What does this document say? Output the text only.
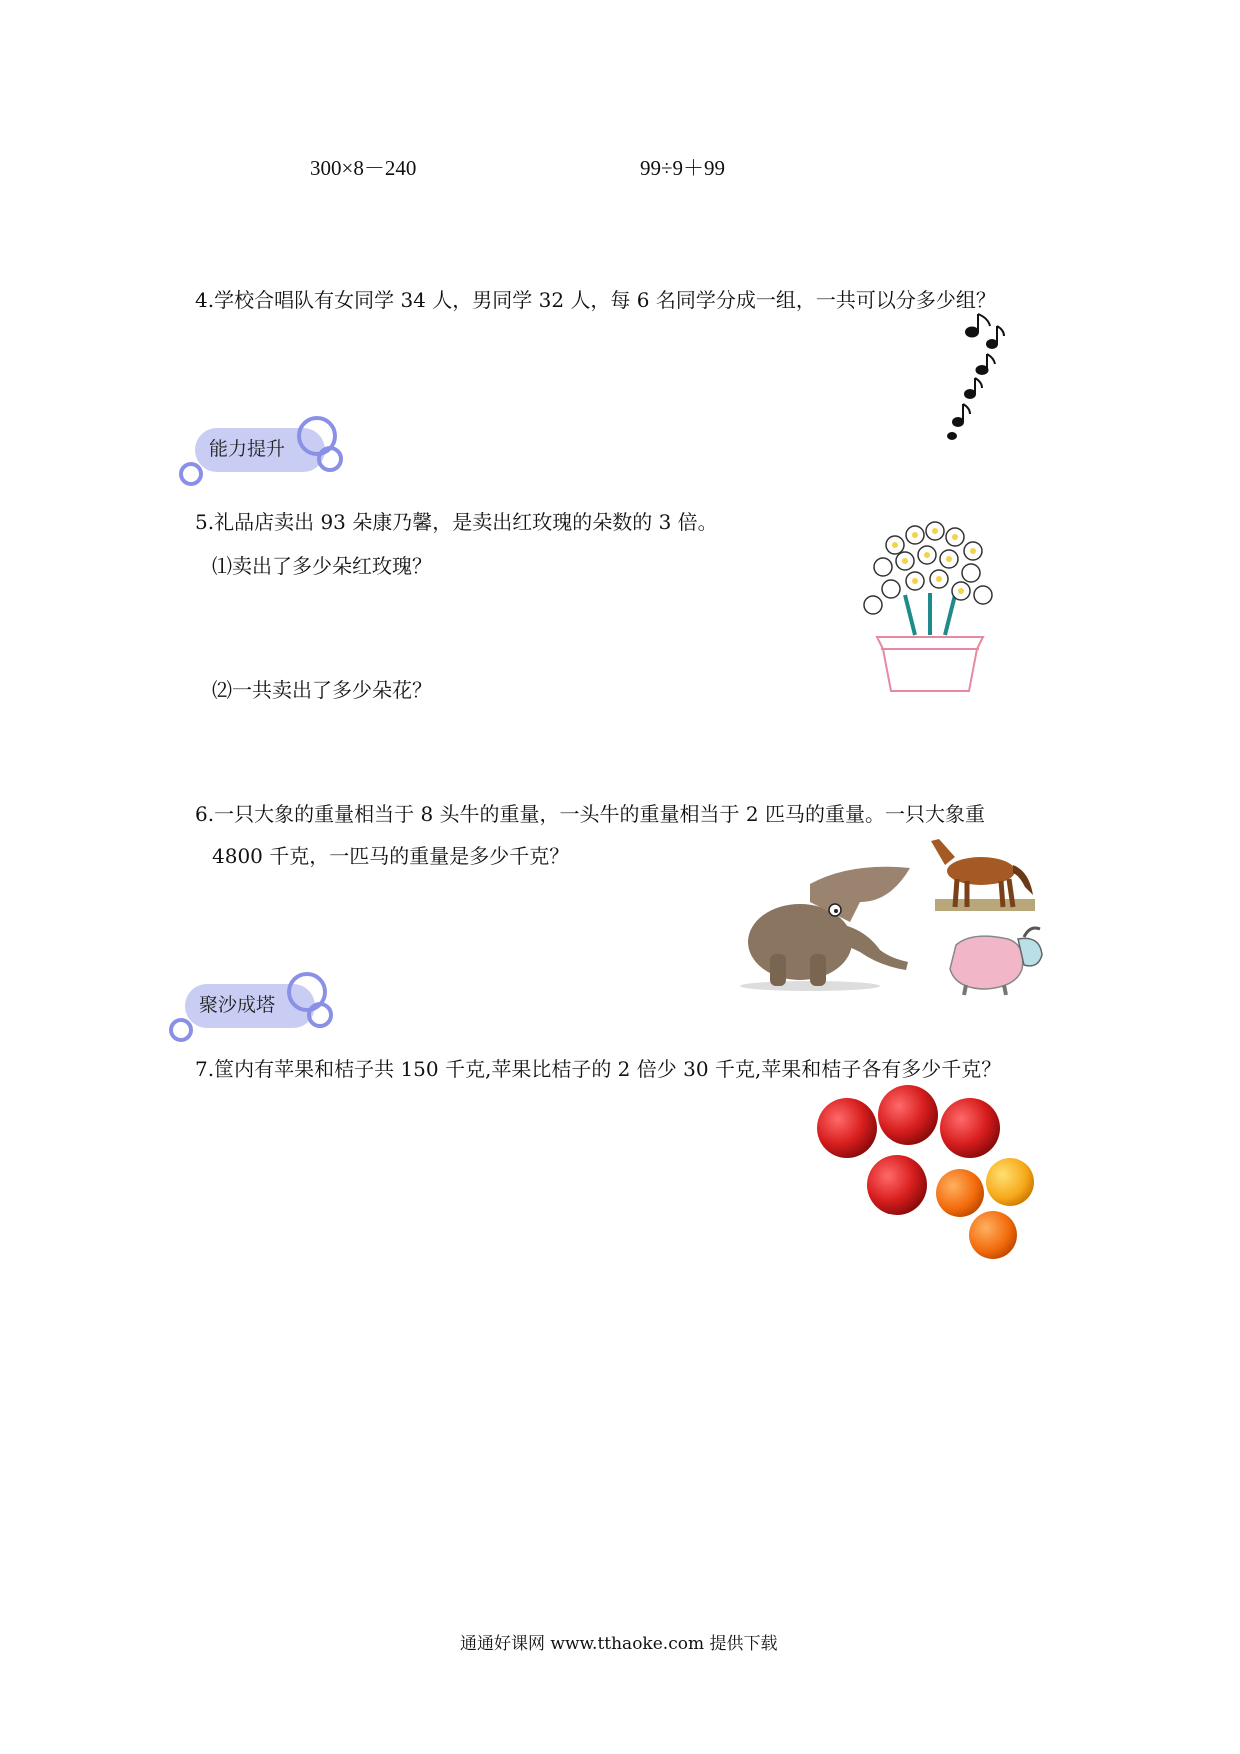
300×8－240	99÷9＋99
4.学校合唱队有女同学 34 人，男同学 32 人，每 6 名同学分成一组，一共可以分多少组？
能力提升
5.礼品店卖出 93 朵康乃馨，是卖出红玫瑰的朵数的 3 倍。
⑴卖出了多少朵红玫瑰？
⑵一共卖出了多少朵花？
6.一只大象的重量相当于 8 头牛的重量，一头牛的重量相当于 2 匹马的重量。一只大象重
4800 千克，一匹马的重量是多少千克？
聚沙成塔
7.筐内有苹果和桔子共 150 千克,苹果比桔子的 2 倍少 30 千克,苹果和桔子各有多少千克？
通通好课网 www.tthaoke.com 提供下载
